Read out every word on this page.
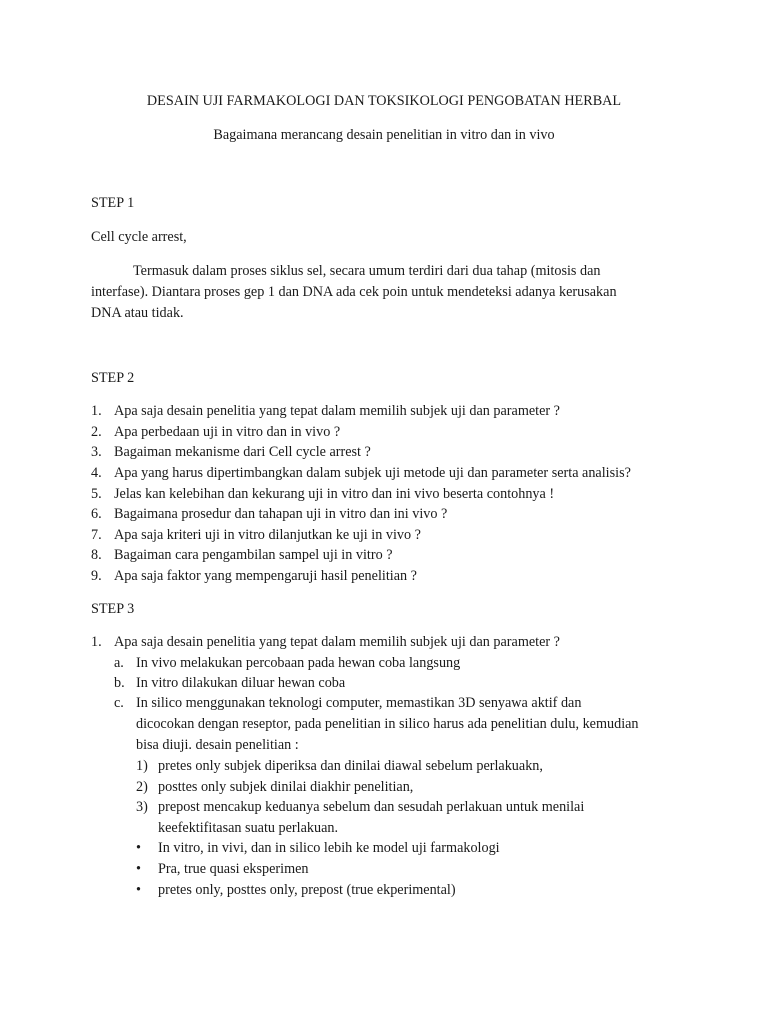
DESAIN UJI FARMAKOLOGI DAN TOKSIKOLOGI PENGOBATAN HERBAL
Bagaimana merancang desain penelitian in vitro dan in vivo
STEP 1
Cell cycle arrest,
Termasuk dalam proses siklus sel, secara umum terdiri dari dua tahap (mitosis dan
interfase). Diantara proses gep 1 dan DNA ada cek poin untuk mendeteksi adanya kerusakan
DNA atau tidak.
STEP 2
1. Apa saja desain penelitia yang tepat dalam memilih subjek uji dan parameter ?
2. Apa perbedaan uji in vitro dan in vivo ?
3. Bagaiman mekanisme dari Cell cycle arrest ?
4. Apa yang harus dipertimbangkan dalam subjek uji metode uji dan parameter serta analisis?
5. Jelas kan kelebihan dan kekurang uji in vitro dan ini vivo beserta contohnya !
6. Bagaimana prosedur dan tahapan uji in vitro dan ini vivo ?
7. Apa saja kriteri uji in vitro dilanjutkan ke uji in vivo ?
8. Bagaiman cara pengambilan sampel uji in vitro ?
9. Apa saja faktor yang mempengaruji hasil penelitian ?
STEP 3
1. Apa saja desain penelitia yang tepat dalam memilih subjek uji dan parameter ?
a. In vivo melakukan percobaan pada hewan coba langsung
b. In vitro dilakukan diluar hewan coba
c. In silico menggunakan teknologi computer, memastikan 3D senyawa aktif dan
dicocokan dengan reseptor, pada penelitian in silico harus ada penelitian dulu, kemudian
bisa diuji. desain penelitian :
1) pretes only subjek diperiksa dan dinilai diawal sebelum perlakuakn,
2) posttes only subjek dinilai diakhir penelitian,
3) prepost mencakup keduanya sebelum dan sesudah perlakuan untuk menilai
keefektifitasan suatu perlakuan.
• In vitro, in vivi, dan in silico lebih ke model uji farmakologi
• Pra, true quasi eksperimen
• pretes only, posttes only, prepost (true ekperimental)
